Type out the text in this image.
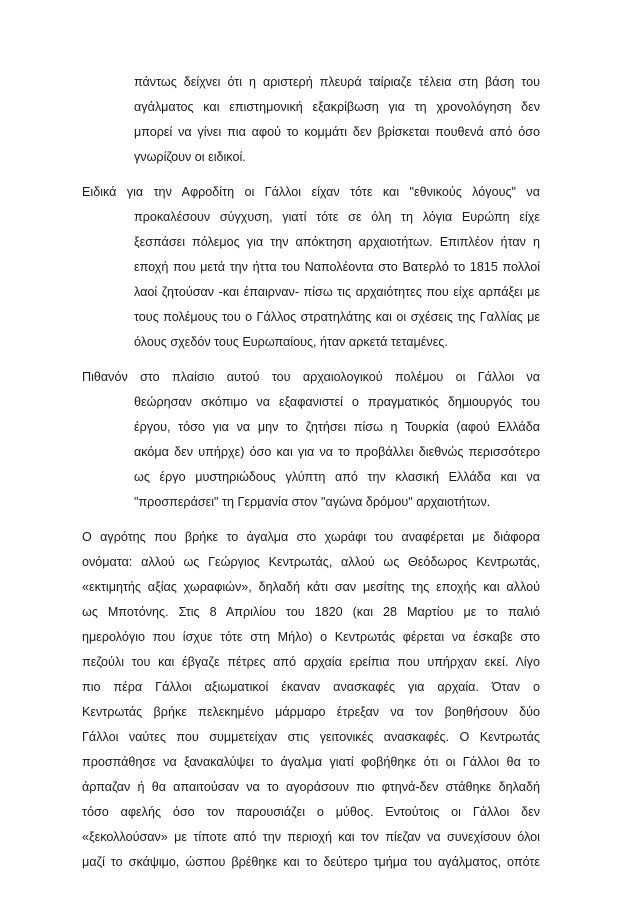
πάντως δείχνει ότι η αριστερή πλευρά ταίριαζε τέλεια στη βάση του
αγάλματος και επιστημονική εξακρίβωση για τη χρονολόγηση δεν
μπορεί να γίνει πια αφού το κομμάτι δεν βρίσκεται πουθενά από όσο
γνωρίζουν οι ειδικοί.
Ειδικά για την Αφροδίτη οι Γάλλοι είχαν τότε και "εθνικούς λόγους" να
προκαλέσουν σύγχυση, γιατί τότε σε όλη τη λόγια Ευρώπη είχε
ξεσπάσει πόλεμος για την απόκτηση αρχαιοτήτων. Επιπλέον ήταν η
εποχή που μετά την ήττα του Ναπολέοντα στο Βατερλό το 1815 πολλοί
λαοί ζητούσαν -και έπαιρναν- πίσω τις αρχαιότητες που είχε αρπάξει με
τους πολέμους του ο Γάλλος στρατηλάτης και οι σχέσεις της Γαλλίας με
όλους σχεδόν τους Ευρωπαίους, ήταν αρκετά τεταμένες.
Πιθανόν στο πλαίσιο αυτού του αρχαιολογικού πολέμου οι Γάλλοι να
θεώρησαν σκόπιμο να εξαφανιστεί ο πραγματικός δημιουργός του
έργου, τόσο για να μην το ζητήσει πίσω η Τουρκία (αφού Ελλάδα
ακόμα δεν υπήρχε) όσο και για να το προβάλλει διεθνώς περισσότερο
ως έργο μυστηριώδους γλύπτη από την κλασική Ελλάδα και να
"προσπεράσει" τη Γερμανία στον "αγώνα δρόμου" αρχαιοτήτων.
Ο αγρότης που βρήκε το άγαλμα στο χωράφι του αναφέρεται με διάφορα
ονόματα: αλλού ως Γεώργιος Κεντρωτάς, αλλού ως Θεόδωρος Κεντρωτάς,
«εκτιμητής αξίας χωραφιών», δηλαδή κάτι σαν μεσίτης της εποχής και αλλού
ως Μποτόνης. Στις 8 Απριλίου του 1820 (και 28 Μαρτίου με το παλιό
ημερολόγιο που ίσχυε τότε στη Μήλο) ο Κεντρωτάς φέρεται να έσκαβε στο
πεζούλι του και έβγαζε πέτρες από αρχαία ερείπια που υπήρχαν εκεί. Λίγο
πιο πέρα Γάλλοι αξιωματικοί έκαναν ανασκαφές για αρχαία. Όταν ο
Κεντρωτάς βρήκε πελεκημένο μάρμαρο έτρεξαν να τον βοηθήσουν δύο
Γάλλοι ναύτες που συμμετείχαν στις γειτονικές ανασκαφές. Ο Κεντρωτάς
προσπάθησε να ξανακαλύψει το άγαλμα γιατί φοβήθηκε ότι οι Γάλλοι θα το
άρπαζαν ή θα απαιτούσαν να το αγοράσουν πιο φτηνά-δεν στάθηκε δηλαδή
τόσο αφελής όσο τον παρουσιάζει ο μύθος. Εντούτοις οι Γάλλοι δεν
«ξεκολλούσαν» με τίποτε από την περιοχή και τον πίεζαν να συνεχίσουν όλοι
μαζί το σκάψιμο, ώσπου βρέθηκε και το δεύτερο τμήμα του αγάλματος, οπότε
